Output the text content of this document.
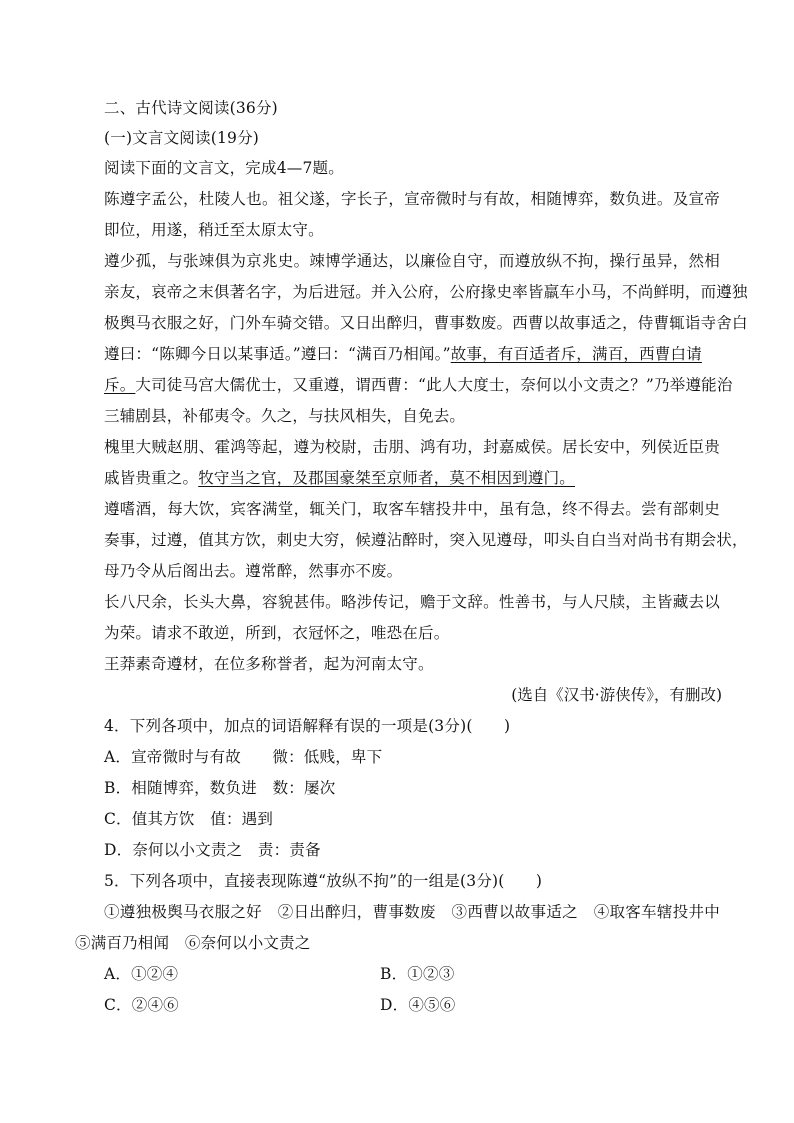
二、古代诗文阅读(36分)
(一)文言文阅读(19分)
阅读下面的文言文，完成4—7题。
陈遵字孟公，杜陵人也。祖父遂，字长子，宣帝微时与有故，相随博弈，数负进。及宣帝
即位，用遂，稍迁至太原太守。
遵少孤，与张竦俱为京兆史。竦博学通达，以廉俭自守，而遵放纵不拘，操行虽异，然相
亲友，哀帝之末俱著名字，为后进冠。并入公府，公府掾史率皆羸车小马，不尚鲜明，而遵独
极舆马衣服之好，门外车骑交错。又日出醉归，曹事数废。西曹以故事适之，侍曹辄诣寺舍白
遵曰：“陈卿今日以某事适。”遵曰：“满百乃相闻。”故事，有百适者斥，满百，西曹白请
斥。大司徒马宫大儒优士，又重遵，谓西曹：“此人大度士，奈何以小文责之？”乃举遵能治
三辅剧县，补郁夷令。久之，与扶风相失，自免去。
槐里大贼赵朋、霍鸿等起，遵为校尉，击朋、鸿有功，封嘉威侯。居长安中，列侯近臣贵
戚皆贵重之。牧守当之官，及郡国豪桀至京师者，莫不相因到遵门。
遵嗜酒，每大饮，宾客满堂，辄关门，取客车辖投井中，虽有急，终不得去。尝有部刺史
奏事，过遵，值其方饮，刺史大穷，候遵沾醉时，突入见遵母，叩头自白当对尚书有期会状，
母乃令从后阁出去。遵常醉，然事亦不废。
长八尺余，长头大鼻，容貌甚伟。略涉传记，赡于文辞。性善书，与人尺牍，主皆藏去以
为荣。请求不敢逆，所到，衣冠怀之，唯恐在后。
王莽素奇遵材，在位多称誉者，起为河南太守。
(选自《汉书·游侠传》，有删改)
4．下列各项中，加点的词语解释有误的一项是(3分)(　　)
A．宣帝微时与有故　　微：低贱，卑下
B．相随博弈，数负进　数：屡次
C．值其方饮　值：遇到
D．奈何以小文责之　责：责备
5．下列各项中，直接表现陈遵“放纵不拘”的一组是(3分)(　　)
①遵独极舆马衣服之好　②日出醉归，曹事数废　③西曹以故事适之　④取客车辖投井中
⑤满百乃相闻　⑥奈何以小文责之
A．①②④	B．①②③
C．②④⑥	D．④⑤⑥
